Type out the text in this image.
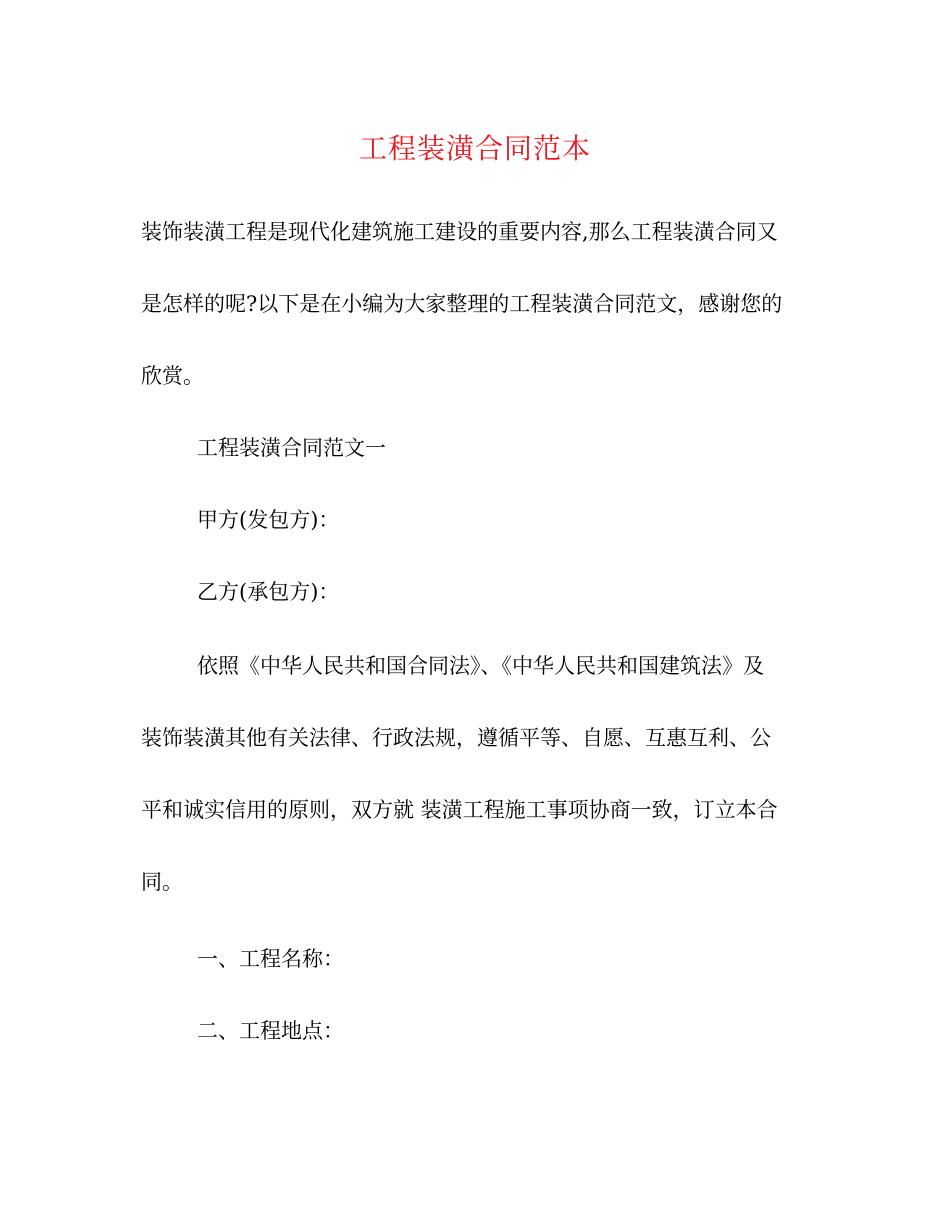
工程装潢合同范本
装饰装潢工程是现代化建筑施工建设的重要内容,那么工程装潢合同又
是怎样的呢?以下是在小编为大家整理的工程装潢合同范文，感谢您的
欣赏。
工程装潢合同范文一
甲方(发包方)：
乙方(承包方)：
依照《中华人民共和国合同法》、《中华人民共和国建筑法》及
装饰装潢其他有关法律、行政法规，遵循平等、自愿、互惠互利、公
平和诚实信用的原则，双方就 装潢工程施工事项协商一致，订立本合
同。
一、工程名称：
二、工程地点：
